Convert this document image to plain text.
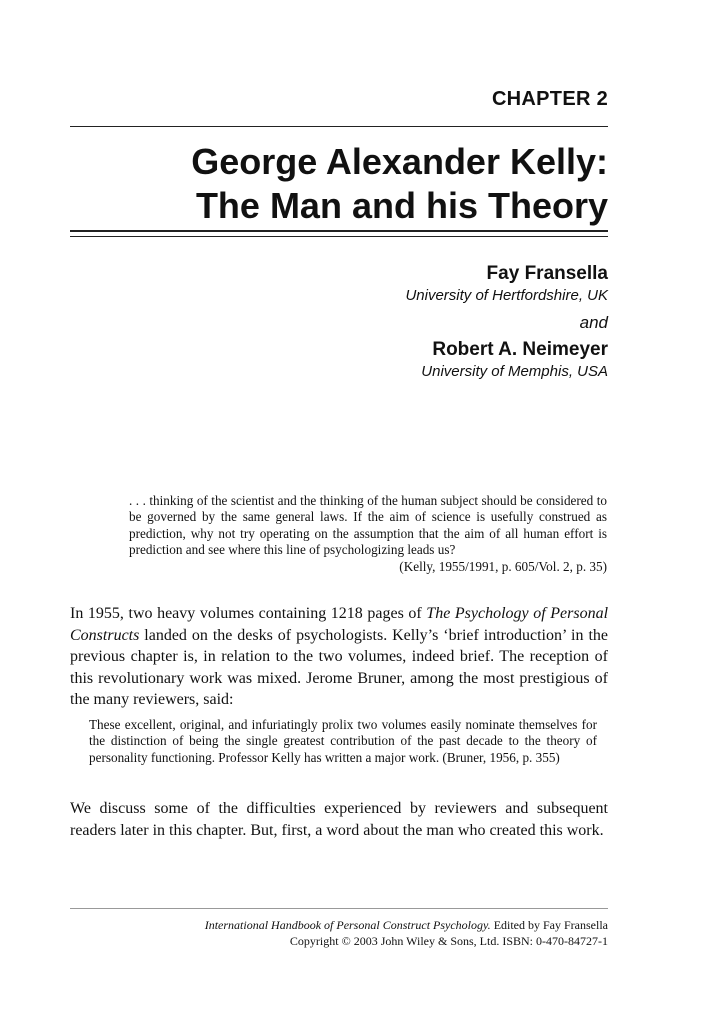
CHAPTER 2
George Alexander Kelly:
The Man and his Theory
Fay Fransella
University of Hertfordshire, UK
and
Robert A. Neimeyer
University of Memphis, USA
. . . thinking of the scientist and the thinking of the human subject should be considered to be governed by the same general laws. If the aim of science is usefully construed as prediction, why not try operating on the assumption that the aim of all human effort is prediction and see where this line of psychologizing leads us?
(Kelly, 1955/1991, p. 605/Vol. 2, p. 35)
In 1955, two heavy volumes containing 1218 pages of The Psychology of Personal Constructs landed on the desks of psychologists. Kelly’s ‘brief introduction’ in the previous chapter is, in relation to the two volumes, indeed brief. The reception of this revolutionary work was mixed. Jerome Bruner, among the most prestigious of the many reviewers, said:
These excellent, original, and infuriatingly prolix two volumes easily nominate themselves for the distinction of being the single greatest contribution of the past decade to the theory of personality functioning. Professor Kelly has written a major work. (Bruner, 1956, p. 355)
We discuss some of the difficulties experienced by reviewers and subsequent readers later in this chapter. But, first, a word about the man who created this work.
International Handbook of Personal Construct Psychology. Edited by Fay Fransella
Copyright © 2003 John Wiley & Sons, Ltd. ISBN: 0-470-84727-1
